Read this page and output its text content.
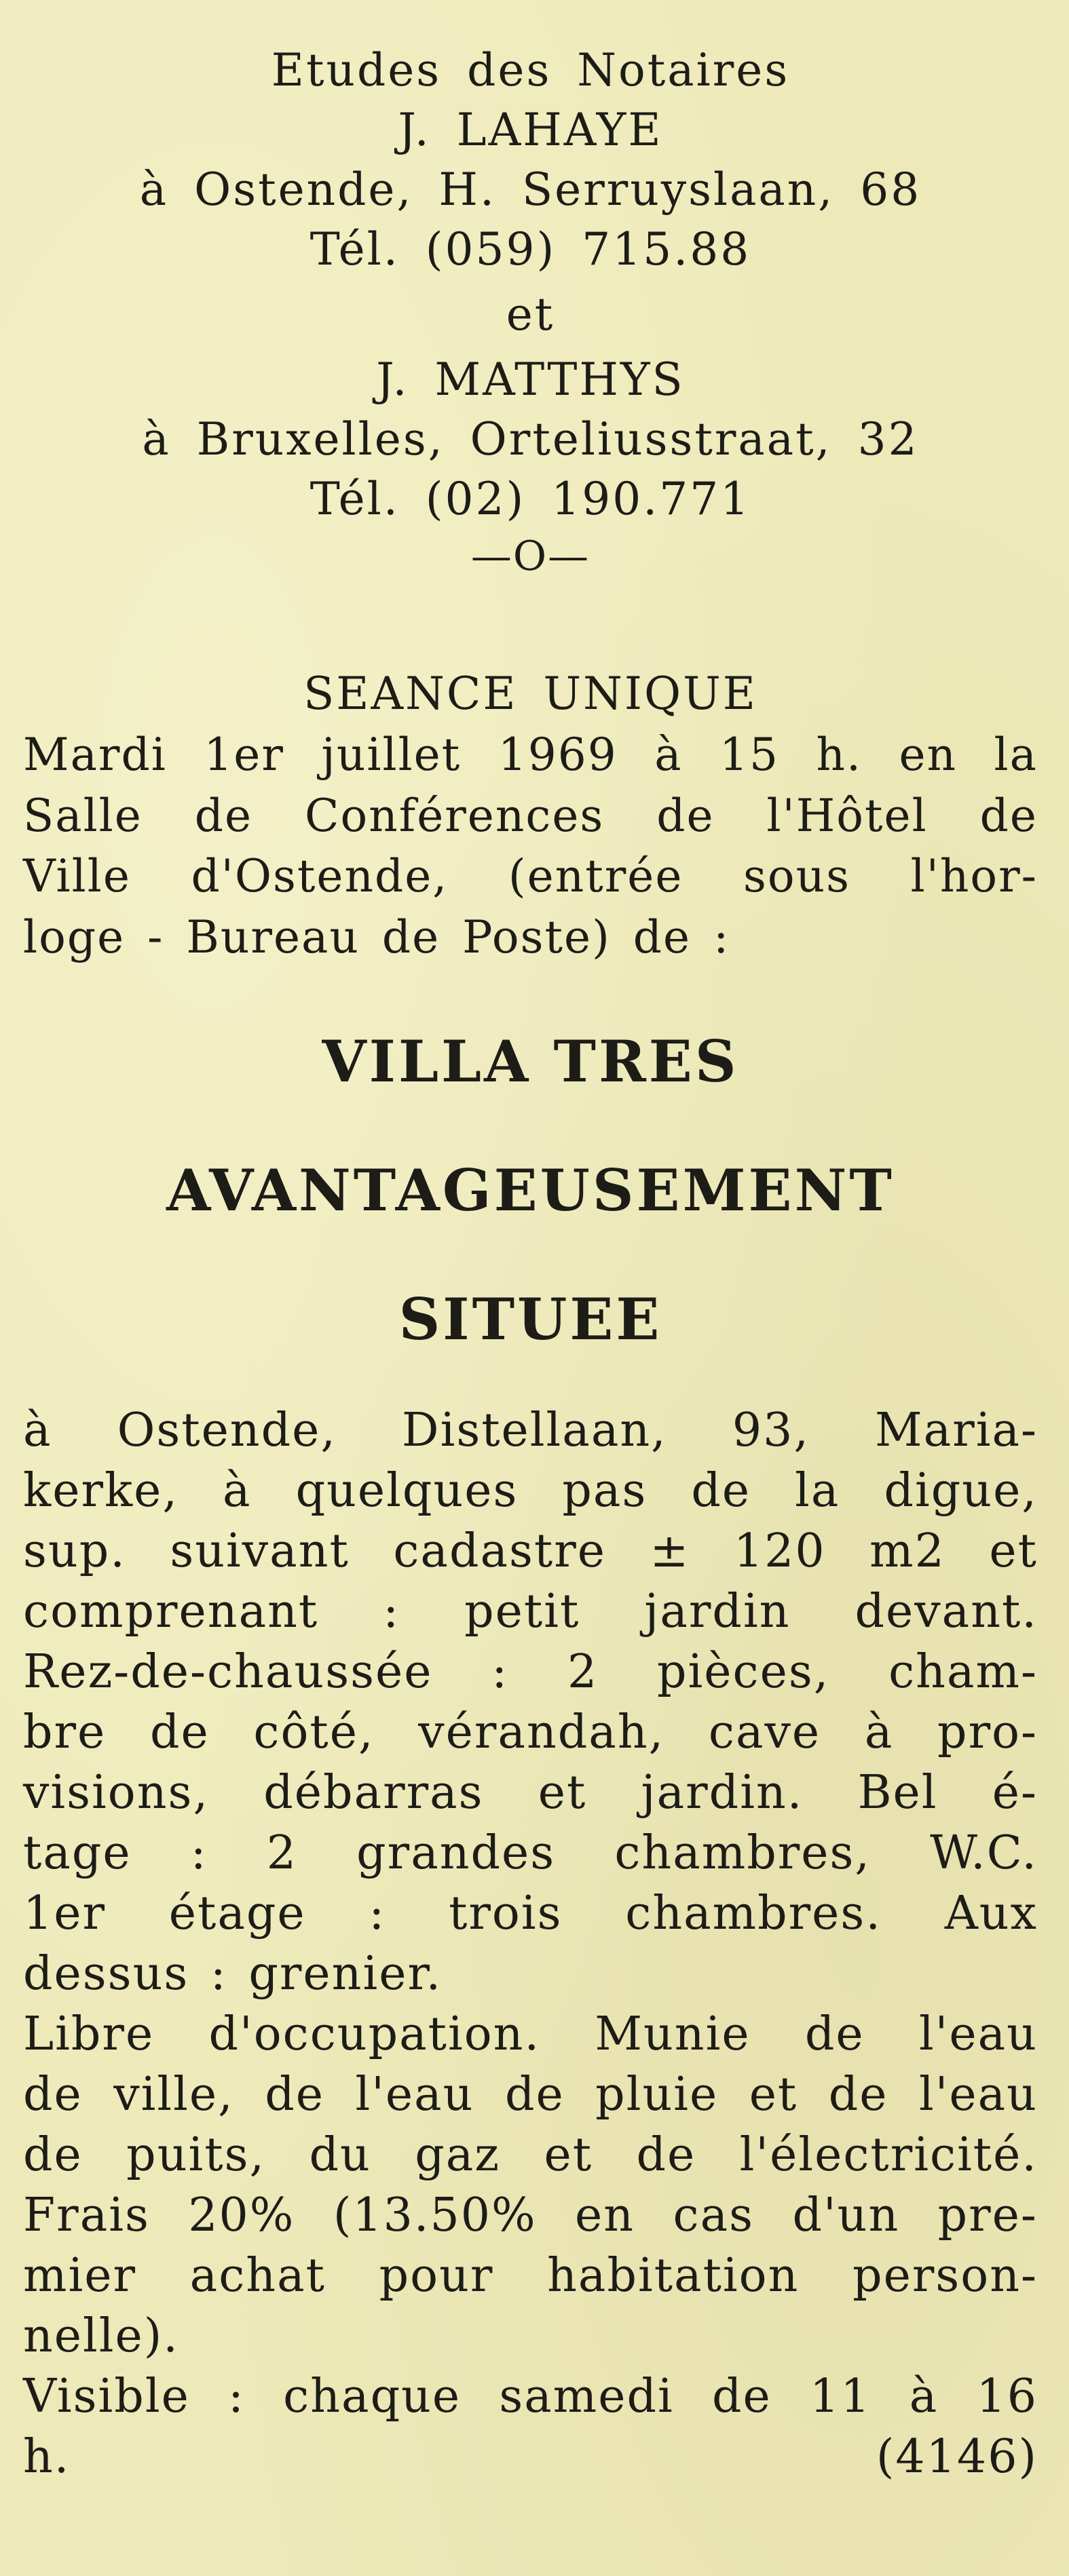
Etudes des Notaires
J. LAHAYE
à Ostende, H. Serruyslaan, 68
Tél. (059) 715.88
et
J. MATTHYS
à Bruxelles, Orteliusstraat, 32
Tél. (02) 190.771
—O—
SEANCE UNIQUE
Mardi 1er juillet 1969 à 15 h. en la
Salle de Conférences de l'Hôtel de
Ville d'Ostende, (entrée sous l'hor-
loge - Bureau de Poste) de :
VILLA TRES
AVANTAGEUSEMENT
SITUEE
à Ostende, Distellaan, 93, Maria-
kerke, à quelques pas de la digue,
sup. suivant cadastre ± 120 m2 et
comprenant : petit jardin devant.
Rez-de-chaussée : 2 pièces, cham-
bre de côté, vérandah, cave à pro-
visions, débarras et jardin. Bel é-
tage : 2 grandes chambres, W.C.
1er étage : trois chambres. Aux
dessus : grenier.
Libre d'occupation. Munie de l'eau
de ville, de l'eau de pluie et de l'eau
de puits, du gaz et de l'électricité.
Frais 20% (13.50% en cas d'un pre-
mier achat pour habitation person-
nelle).
Visible : chaque samedi de 11 à 16
h.	(4146)
